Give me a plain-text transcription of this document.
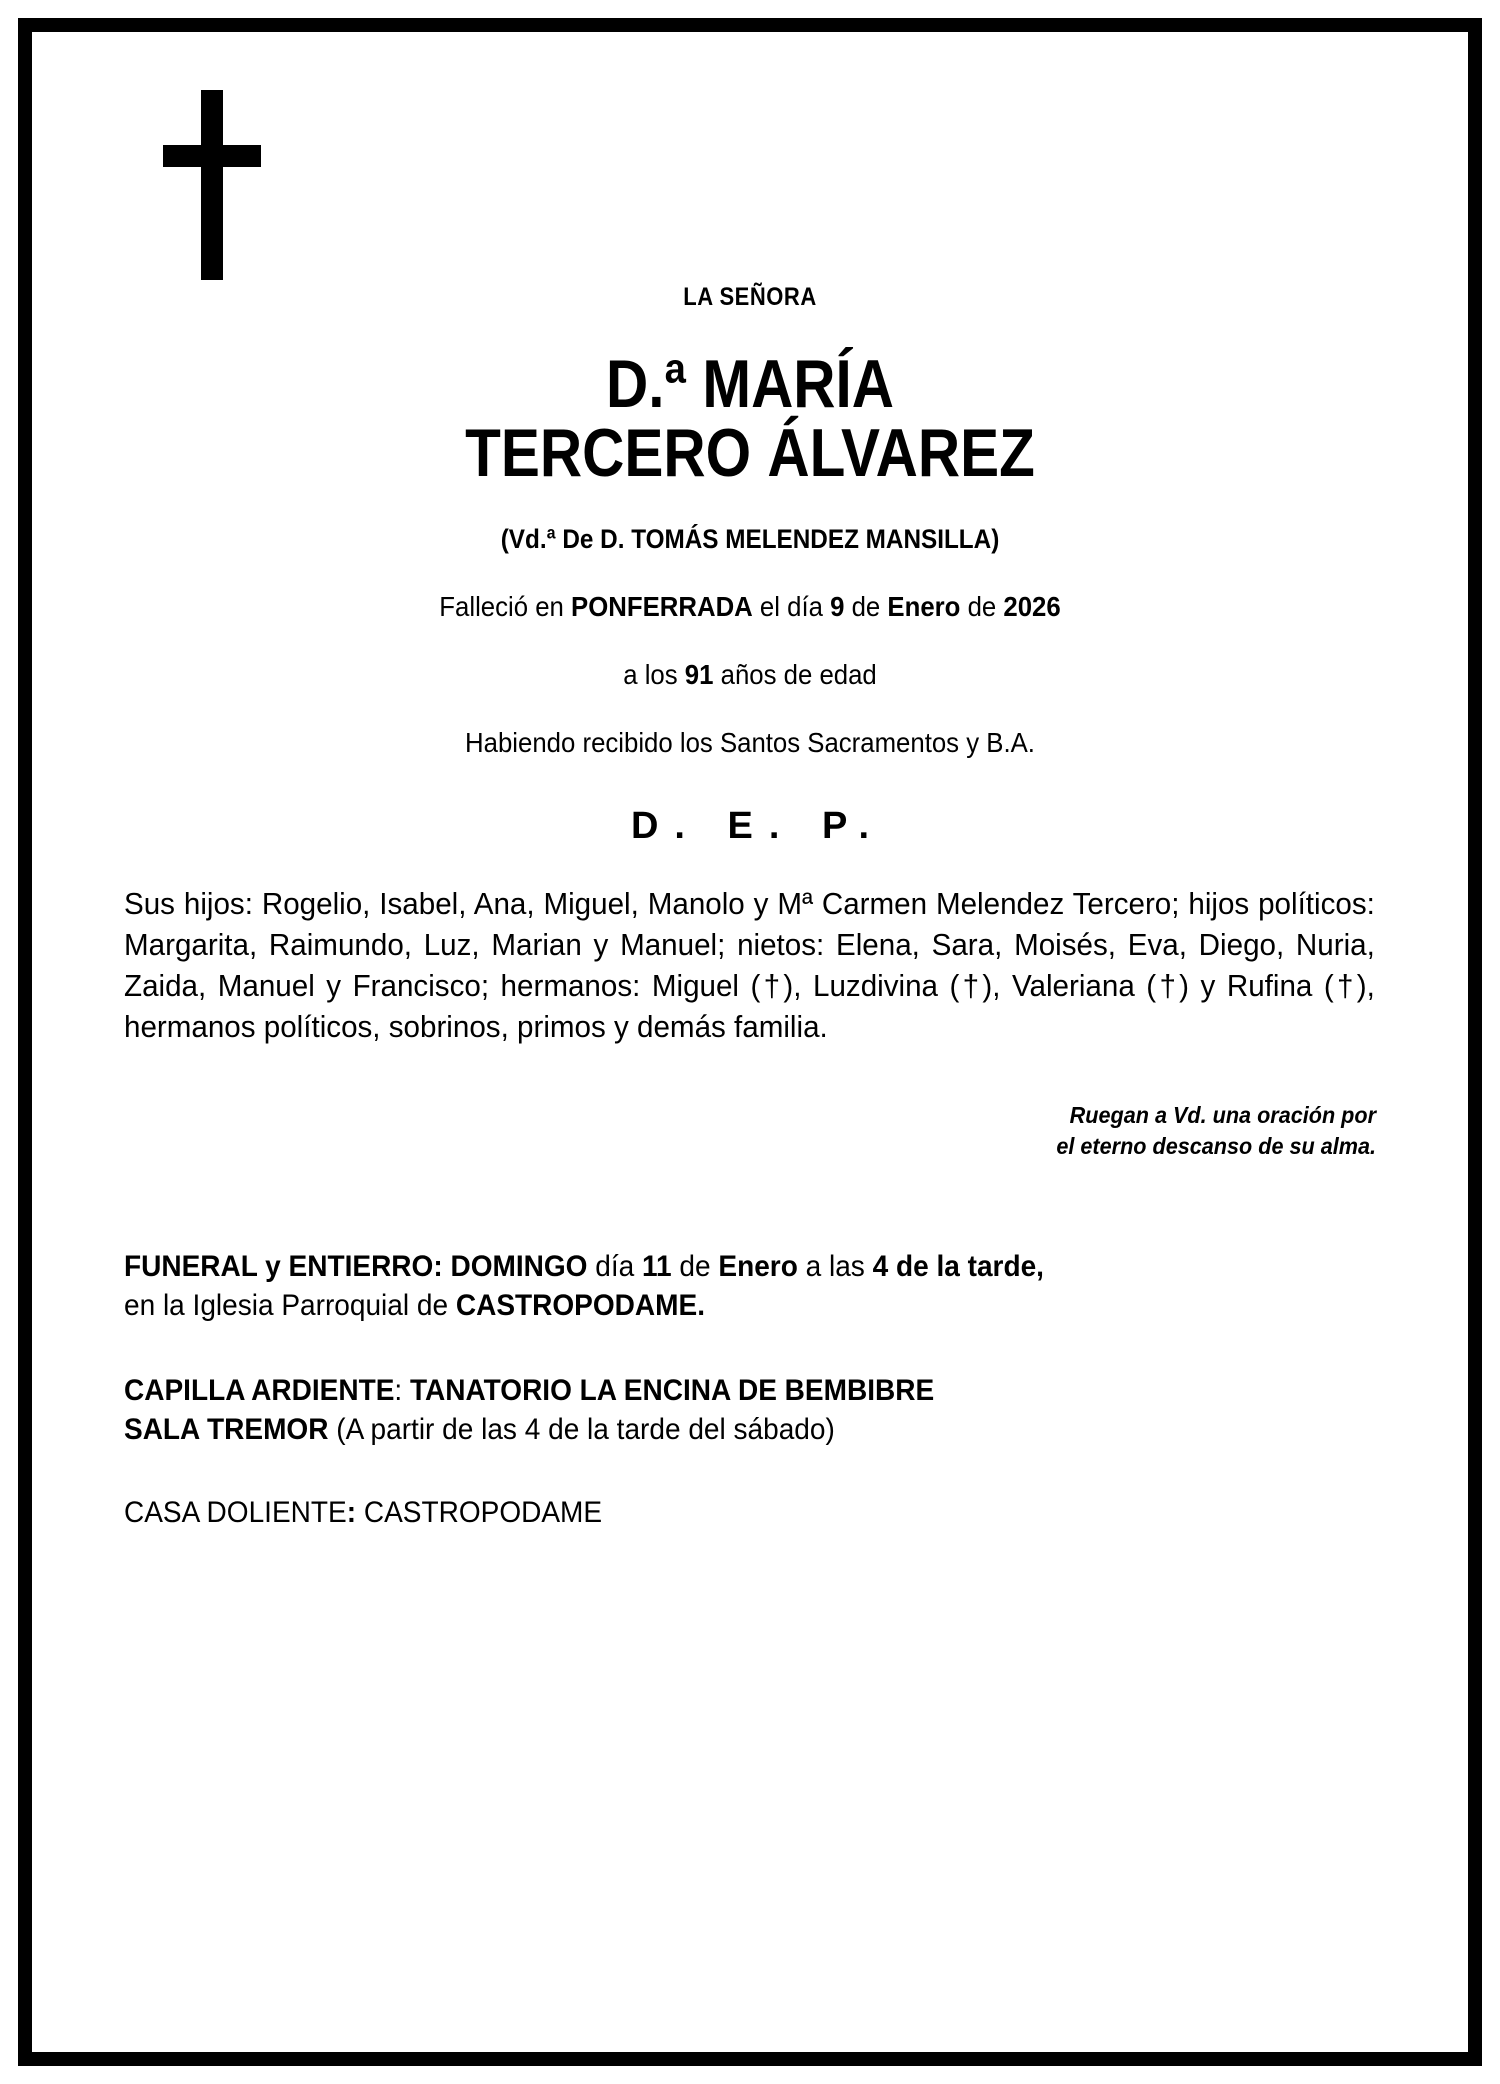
LA SEÑORA
D.ª MARÍA
TERCERO ÁLVAREZ
(Vd.ª De D. TOMÁS MELENDEZ MANSILLA)
Falleció en PONFERRADA el día 9 de Enero de 2026
a los 91 años de edad
Habiendo recibido los Santos Sacramentos y B.A.
D. E. P.
Sus hijos: Rogelio, Isabel, Ana, Miguel, Manolo y Mª Carmen Melendez Tercero; hijos políticos: Margarita, Raimundo, Luz, Marian y Manuel; nietos: Elena, Sara, Moisés, Eva, Diego, Nuria, Zaida, Manuel y Francisco; hermanos: Miguel (†), Luzdivina (†), Valeriana (†) y Rufina (†), hermanos políticos, sobrinos, primos y demás familia.
Ruegan a Vd. una oración por
el eterno descanso de su alma.
FUNERAL y ENTIERRO: DOMINGO día 11 de Enero a las 4 de la tarde,
en la Iglesia Parroquial de CASTROPODAME.
CAPILLA ARDIENTE: TANATORIO LA ENCINA DE BEMBIBRE
SALA TREMOR (A partir de las 4 de la tarde del sábado)
CASA DOLIENTE: CASTROPODAME
